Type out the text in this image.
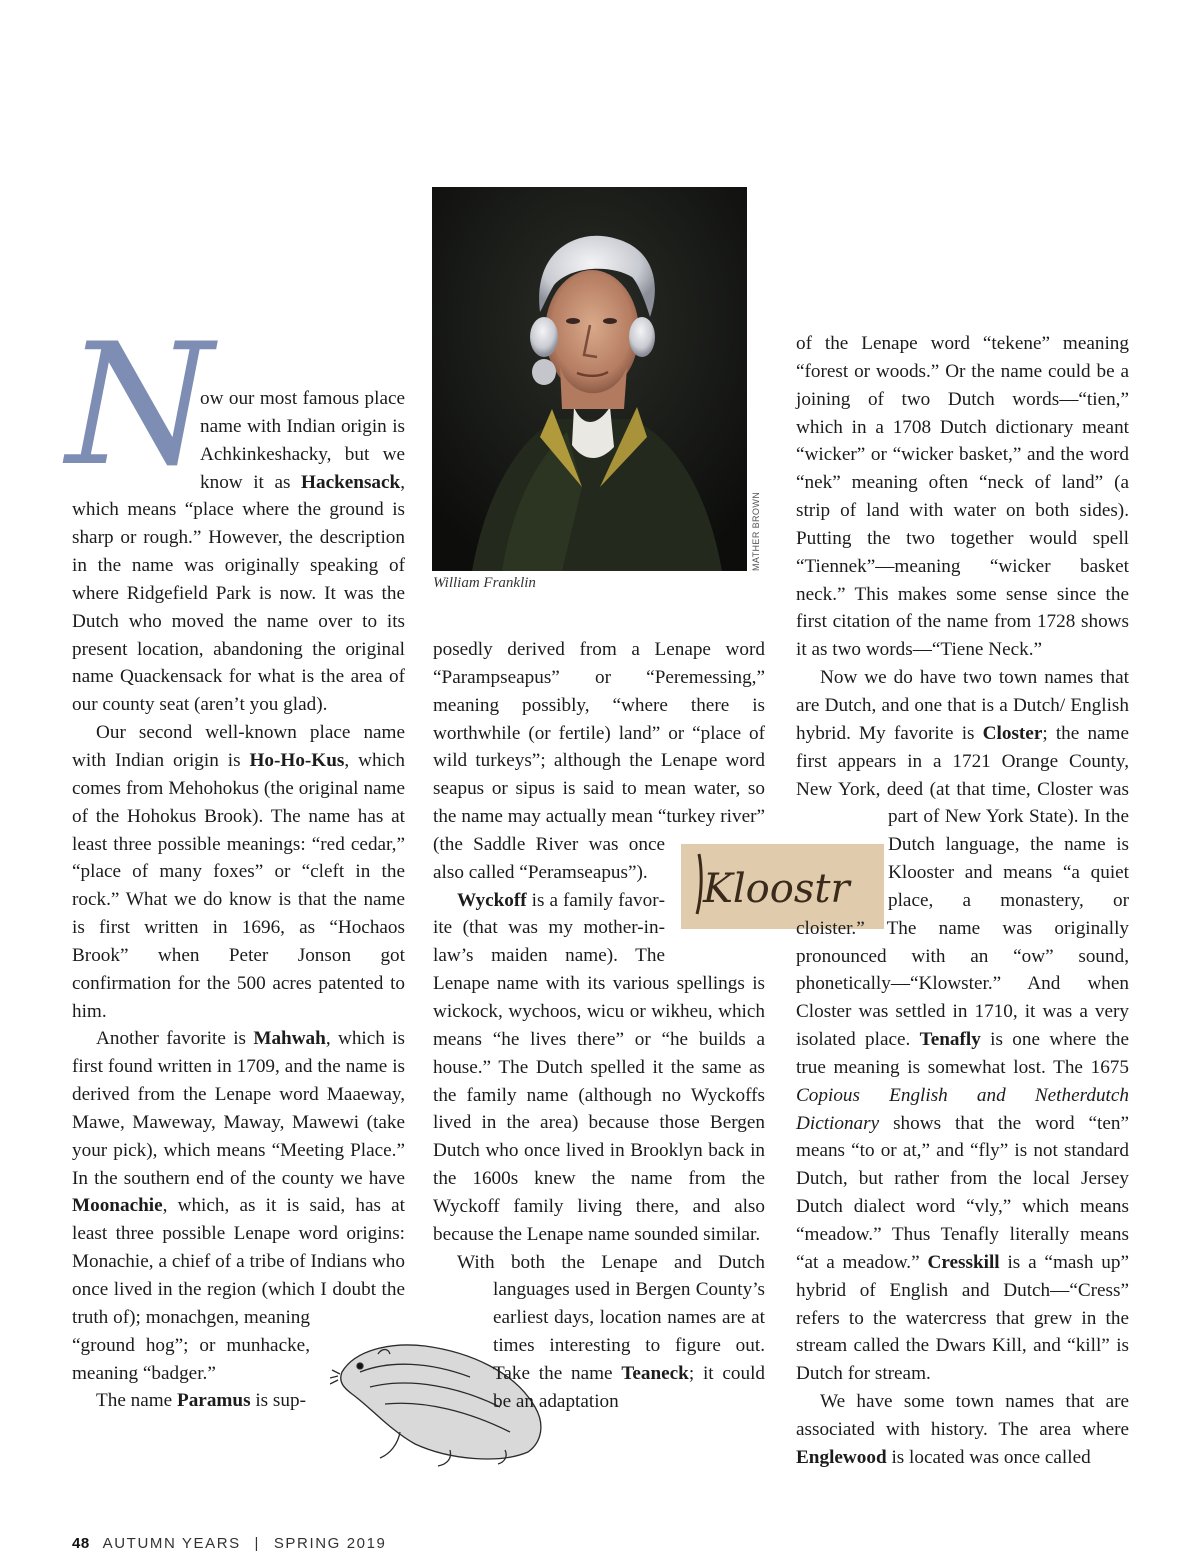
MATHER BROWN
William Franklin
Kloostr

N
ow our most famous place name with Indian origin is Achkinkeshacky, but we know it as Hackensack, which means “place where the ground is sharp or rough.” However, the description in the name was originally speaking of where Ridgefield Park is now. It was the Dutch who moved the name over to its present location, abandoning the original name Quackensack for what is the area of our county seat (aren’t you glad).

Our second well-known place name with Indian origin is Ho-Ho-Kus, which comes from Mehohokus (the original name of the Hohokus Brook). The name has at least three possible meanings: “red cedar,” “place of many foxes” or “cleft in the rock.” What we do know is that the name is first written in 1696, as “Hochaos Brook” when Peter Jonson got confirmation for the 500 acres patented to him.

Another favorite is Mahwah, which is first found written in 1709, and the name is derived from the Lenape word Maaeway, Mawe, Maweway, Maway, Mawewi (take your pick), which means “Meeting Place.” In the southern end of the county we have Moonachie, which, as it is said, has at least three possible Lenape word origins: Monachie, a chief of a tribe of Indians who once lived in the region (which
I doubt the truth of); monachgen, meaning “ground hog”; or munhacke, meaning “badger.”

The name Paramus is sup-

posedly derived from a Lenape word “Parampseapus” or “Peremessing,” meaning possibly, “where there is worthwhile (or fertile) land” or “place of wild turkeys”; although the Lenape word seapus or sipus is said to mean water, so the name may actually mean “turkey river”
(the Saddle River was once also called “Peramseapus”).

Wyckoff is a family favorite (that was my mother-in-law’s maiden name). The Lenape name with its various spellings is wickock, wychoos, wicu or wikheu, which means “he lives there” or “he builds a house.” The Dutch spelled it the same as the family name (although no Wyckoffs lived in the area) because those Bergen Dutch who once lived in Brooklyn back in the 1600s knew the name from the Wyckoff family living there, and also because the Lenape name sounded similar.

With both the Lenape and Dutch
languages used in Bergen County’s earliest days, location names are at times interesting to figure out. Take the name Teaneck; it could be an adaptation

of the Lenape word “tekene” meaning “forest or woods.” Or the name could be a joining of two Dutch words—“tien,” which in a 1708 Dutch dictionary meant “wicker” or “wicker basket,” and the word “nek” meaning often “neck of land” (a strip of land with water on both sides). Putting the two together would spell “Tiennek”—meaning “wicker basket neck.” This makes some sense since the first citation of the name from 1728 shows it as two words—“Tiene Neck.”

Now we do have two town names that are Dutch, and one that is a Dutch/ English hybrid. My favorite is Closter; the name first appears in a 1721 Orange County, New York, deed (at that time, Closter was part of New York State).
In the Dutch language, the name is Klooster and means “a quiet place, a monastery, or cloister.” The name was originally pronounced with an “ow” sound, phonetically—“Klowster.” And when Closter was settled in 1710, it was a very isolated place. Tenafly is one where the true meaning is somewhat lost. The 1675 Copious English and Netherdutch Dictionary shows that the word “ten” means “to or at,” and “fly” is not standard Dutch, but rather from the local Jersey Dutch dialect word “vly,” which means “meadow.” Thus Tenafly literally means “at a meadow.” Cresskill is a “mash up” hybrid of English and Dutch—“Cress” refers to the watercress that grew in the stream called the Dwars Kill, and “kill” is Dutch for stream.

We have some town names that are associated with history. The area where Englewood is located was once called

48 AUTUMN YEARS | SPRING 2019
